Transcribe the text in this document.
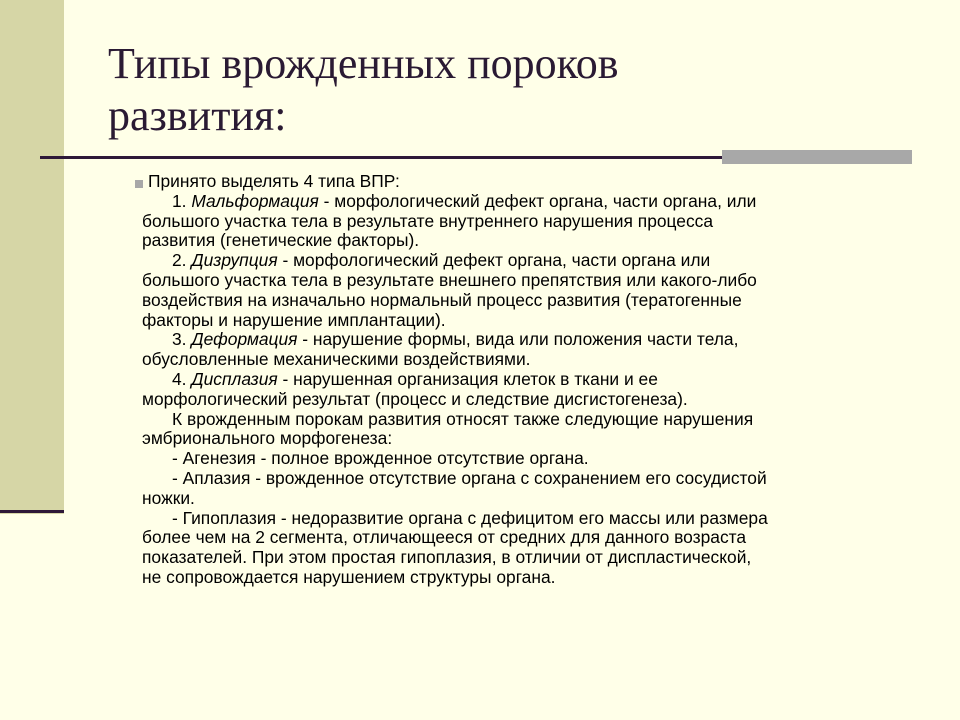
Типы врожденных пороков
развития:
Принято выделять 4 типа ВПР:
1. Мальформация - морфологический дефект органа, части органа, или
большого участка тела в результате внутреннего нарушения процесса
развития (генетические факторы).
2. Дизрупция - морфологический дефект органа, части органа или
большого участка тела в результате внешнего препятствия или какого-либо
воздействия на изначально нормальный процесс развития (тератогенные
факторы и нарушение имплантации).
3. Деформация - нарушение формы, вида или положения части тела,
обусловленные механическими воздействиями.
4. Дисплазия - нарушенная организация клеток в ткани и ее
морфологический результат (процесс и следствие дисгистогенеза).
К врожденным порокам развития относят также следующие нарушения
эмбрионального морфогенеза:
- Агенезия - полное врожденное отсутствие органа.
- Аплазия - врожденное отсутствие органа с сохранением его сосудистой
ножки.
- Гипоплазия - недоразвитие органа с дефицитом его массы или размера
более чем на 2 сегмента, отличающееся от средних для данного возраста
показателей. При этом простая гипоплазия, в отличии от диспластической,
не сопровождается нарушением структуры органа.
